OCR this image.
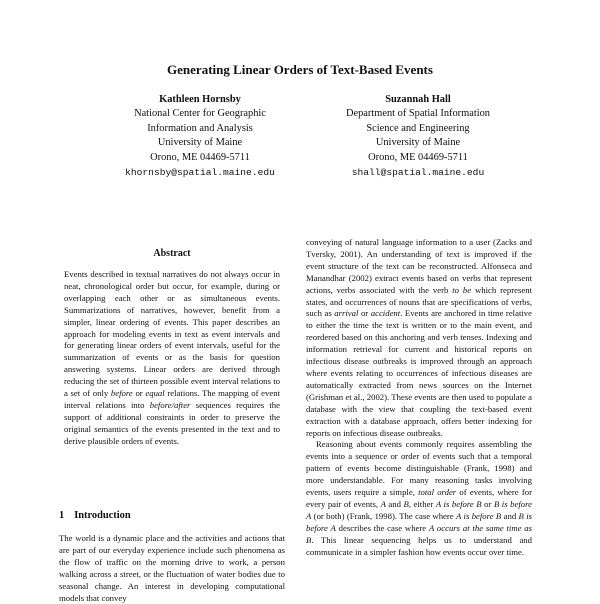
Generating Linear Orders of Text-Based Events
Kathleen Hornsby
National Center for Geographic
Information and Analysis
University of Maine
Orono, ME 04469-5711
khornsby@spatial.maine.edu
Suzannah Hall
Department of Spatial Information
Science and Engineering
University of Maine
Orono, ME 04469-5711
shall@spatial.maine.edu
Abstract
Events described in textual narratives do not always occur in neat, chronological order but occur, for example, during or overlapping each other or as simultaneous events. Summarizations of narratives, however, benefit from a simpler, linear ordering of events. This paper describes an approach for modeling events in text as event intervals and for generating linear orders of event intervals, useful for the summarization of events or as the basis for question answering systems. Linear orders are derived through reducing the set of thirteen possible event interval relations to a set of only before or equal relations. The mapping of event interval relations into before/after sequences requires the support of additional constraints in order to preserve the original semantics of the events presented in the text and to derive plausible orders of events.
1 Introduction
The world is a dynamic place and the activities and actions that are part of our everyday experience include such phenomena as the flow of traffic on the morning drive to work, a person walking across a street, or the fluctuation of water bodies due to seasonal change. An interest in developing computational models that convey

conveying of natural language information to a user (Zacks and Tversky, 2001). An understanding of text is improved if the event structure of the text can be reconstructed. Alfonseca and Manandhar (2002) extract events based on verbs that represent actions, verbs associated with the verb to be which represent states, and occurrences of nouns that are specifications of verbs, such as arrival or accident. Events are anchored in time relative to either the time the text is written or to the main event, and reordered based on this anchoring and verb tenses. Indexing and information retrieval for current and historical reports on infectious disease outbreaks is improved through an approach where events relating to occurrences of infectious diseases are automatically extracted from news sources on the Internet (Grishman et al., 2002). These events are then used to populate a database with the view that coupling the text-based event extraction with a database approach, offers better indexing for reports on infectious disease outbreaks.

Reasoning about events commonly requires assembling the events into a sequence or order of events such that a temporal pattern of events become distinguishable (Frank, 1998) and more understandable. For many reasoning tasks involving events, users require a simple, total order of events, where for every pair of events, A and B, either A is before B or B is before A (or both) (Frank, 1998). The case where A is before B and B is before A describes the case where A occurs at the same time as B. This linear sequencing helps us to understand and communicate in a simpler fashion how events occur over time.
